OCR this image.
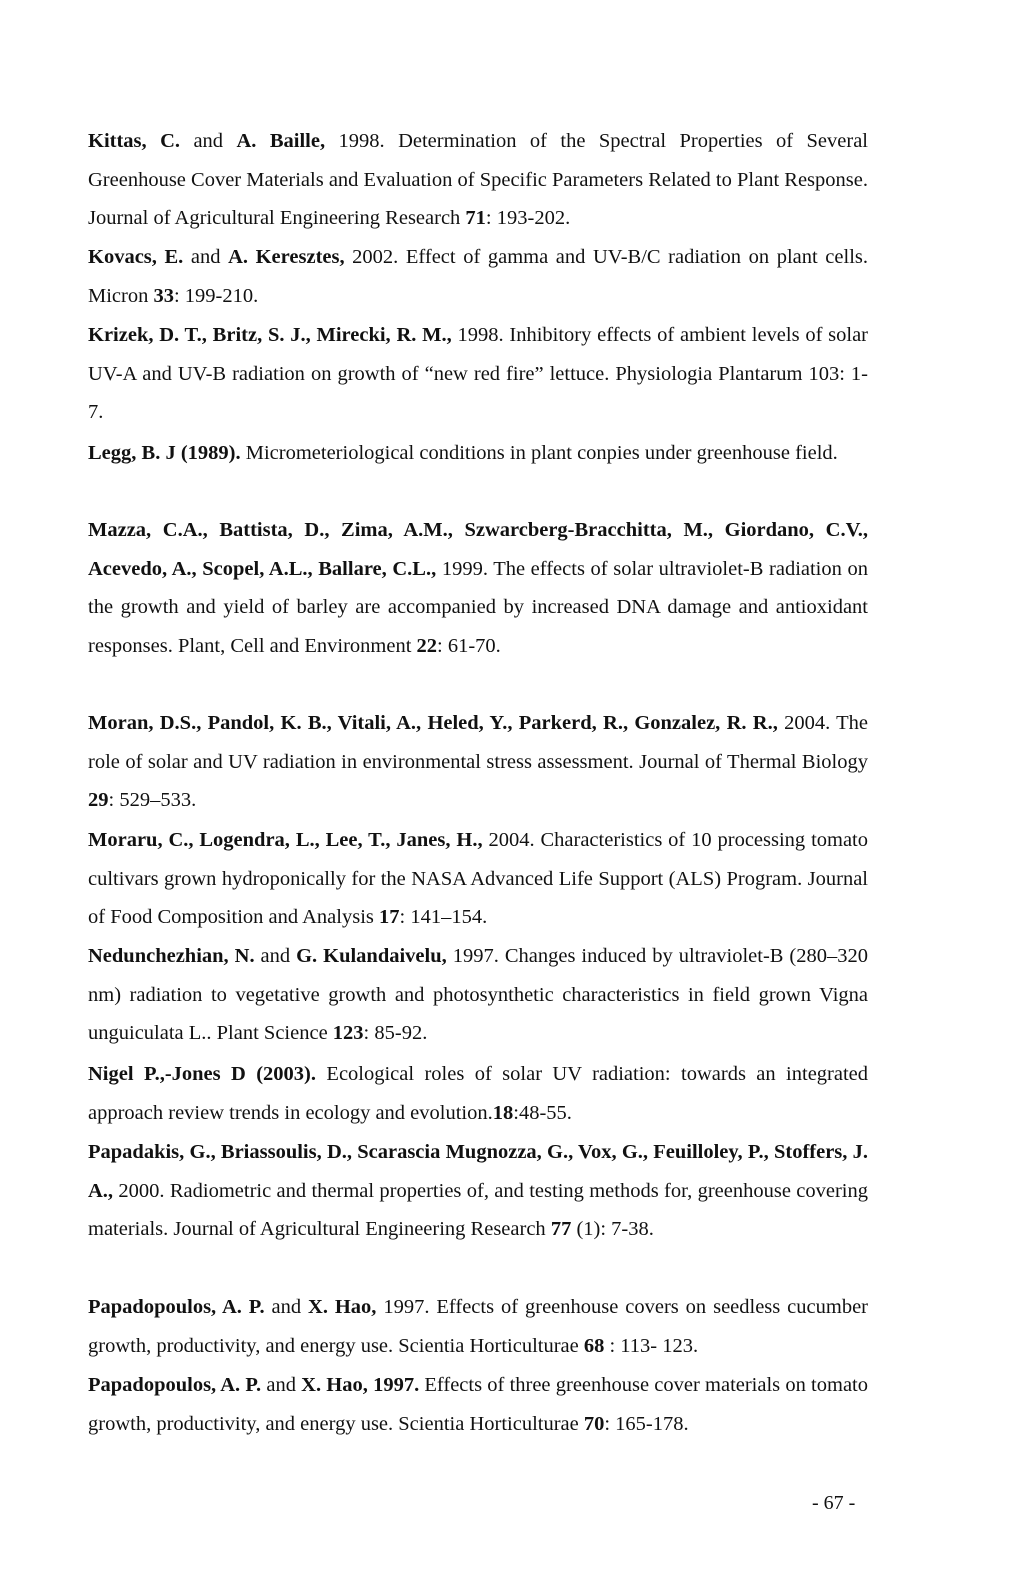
Kittas, C. and A. Baille, 1998. Determination of the Spectral Properties of Several Greenhouse Cover Materials and Evaluation of Specific Parameters Related to Plant Response. Journal of Agricultural Engineering Research 71: 193-202.

Kovacs, E. and A. Keresztes, 2002. Effect of gamma and UV-B/C radiation on plant cells. Micron 33: 199-210.

Krizek, D. T., Britz, S. J., Mirecki, R. M., 1998. Inhibitory effects of ambient levels of solar UV-A and UV-B radiation on growth of “new red fire” lettuce. Physiologia Plantarum 103: 1-7.

Legg, B. J (1989). Micrometeriological conditions in plant conpies under greenhouse field.

Mazza, C.A., Battista, D., Zima, A.M., Szwarcberg-Bracchitta, M., Giordano, C.V., Acevedo, A., Scopel, A.L., Ballare, C.L., 1999. The effects of solar ultraviolet-B radiation on the growth and yield of barley are accompanied by increased DNA damage and antioxidant responses. Plant, Cell and Environment 22: 61-70.

Moran, D.S., Pandol, K. B., Vitali, A., Heled, Y., Parkerd, R., Gonzalez, R. R., 2004. The role of solar and UV radiation in environmental stress assessment. Journal of Thermal Biology 29: 529–533.

Moraru, C., Logendra, L., Lee, T., Janes, H., 2004. Characteristics of 10 processing tomato cultivars grown hydroponically for the NASA Advanced Life Support (ALS) Program. Journal of Food Composition and Analysis 17: 141–154.

Nedunchezhian, N. and G. Kulandaivelu, 1997. Changes induced by ultraviolet-B (280–320 nm) radiation to vegetative growth and photosynthetic characteristics in field grown Vigna unguiculata L.. Plant Science 123: 85-92.

Nigel P.,-Jones D (2003). Ecological roles of solar UV radiation: towards an integrated approach review trends in ecology and evolution.18:48-55.

Papadakis, G., Briassoulis, D., Scarascia Mugnozza, G., Vox, G., Feuilloley, P., Stoffers, J. A., 2000. Radiometric and thermal properties of, and testing methods for, greenhouse covering materials. Journal of Agricultural Engineering Research 77 (1): 7-38.

Papadopoulos, A. P. and X. Hao, 1997. Effects of greenhouse covers on seedless cucumber growth, productivity, and energy use. Scientia Horticulturae 68 : 113- 123.

Papadopoulos, A. P. and X. Hao, 1997. Effects of three greenhouse cover materials on tomato growth, productivity, and energy use. Scientia Horticulturae 70: 165-178.

- 67 -
